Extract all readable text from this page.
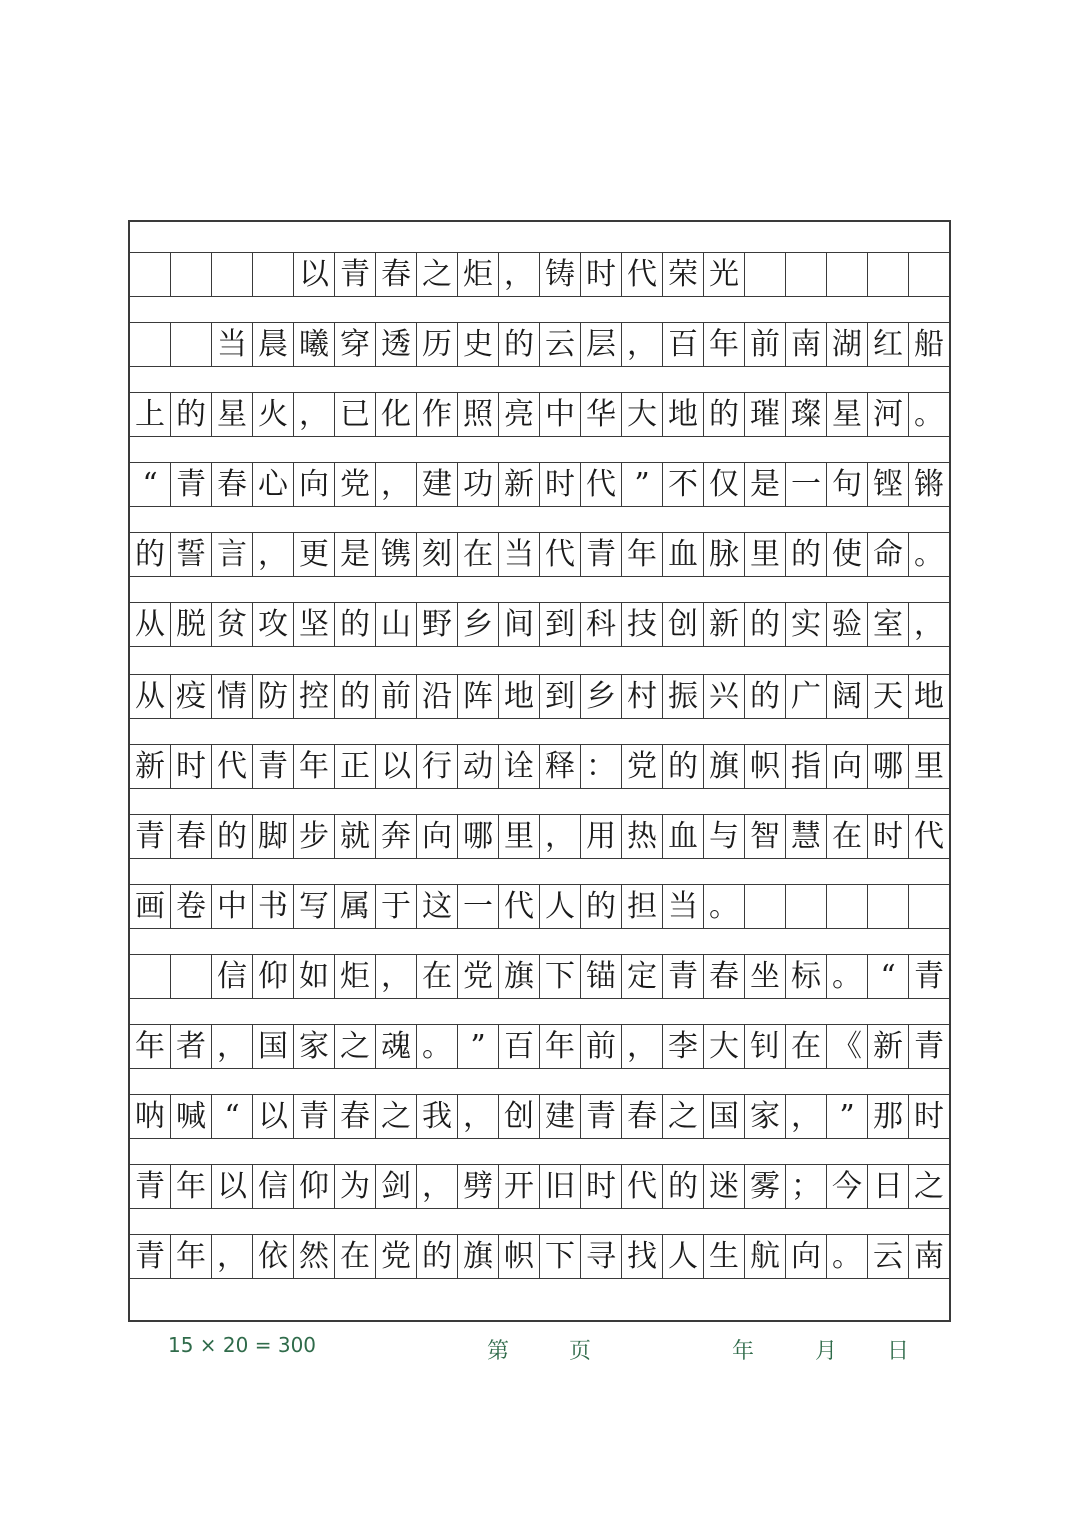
以 青 春 之 炬 ， 铸 时 代 荣 光
当 晨 曦 穿 透 历 史 的 云 层 ， 百 年 前 南 湖 红 船
上 的 星 火 ， 已 化 作 照 亮 中 华 大 地 的 璀 璨 星 河 。
“ 青 春 心 向 党 ， 建 功 新 时 代 ” 不 仅 是 一 句 铿 锵
的 誓 言 ， 更 是 镌 刻 在 当 代 青 年 血 脉 里 的 使 命 。
从 脱 贫 攻 坚 的 山 野 乡 间 到 科 技 创 新 的 实 验 室 ，
从 疫 情 防 控 的 前 沿 阵 地 到 乡 村 振 兴 的 广 阔 天 地
新 时 代 青 年 正 以 行 动 诠 释 ： 党 的 旗 帜 指 向 哪 里
青 春 的 脚 步 就 奔 向 哪 里 ， 用 热 血 与 智 慧 在 时 代
画 卷 中 书 写 属 于 这 一 代 人 的 担 当 。
信 仰 如 炬 ， 在 党 旗 下 锚 定 青 春 坐 标 。 “ 青
年 者 ， 国 家 之 魂 。 ” 百 年 前 ， 李 大 钊 在 《 新 青
呐 喊 “ 以 青 春 之 我 ， 创 建 青 春 之 国 家 ， ” 那 时
青 年 以 信 仰 为 剑 ， 劈 开 旧 时 代 的 迷 雾 ； 今 日 之
青 年 ， 依 然 在 党 的 旗 帜 下 寻 找 人 生 航 向 。 云 南
15 × 20 = 300	第	页	年	月 日
